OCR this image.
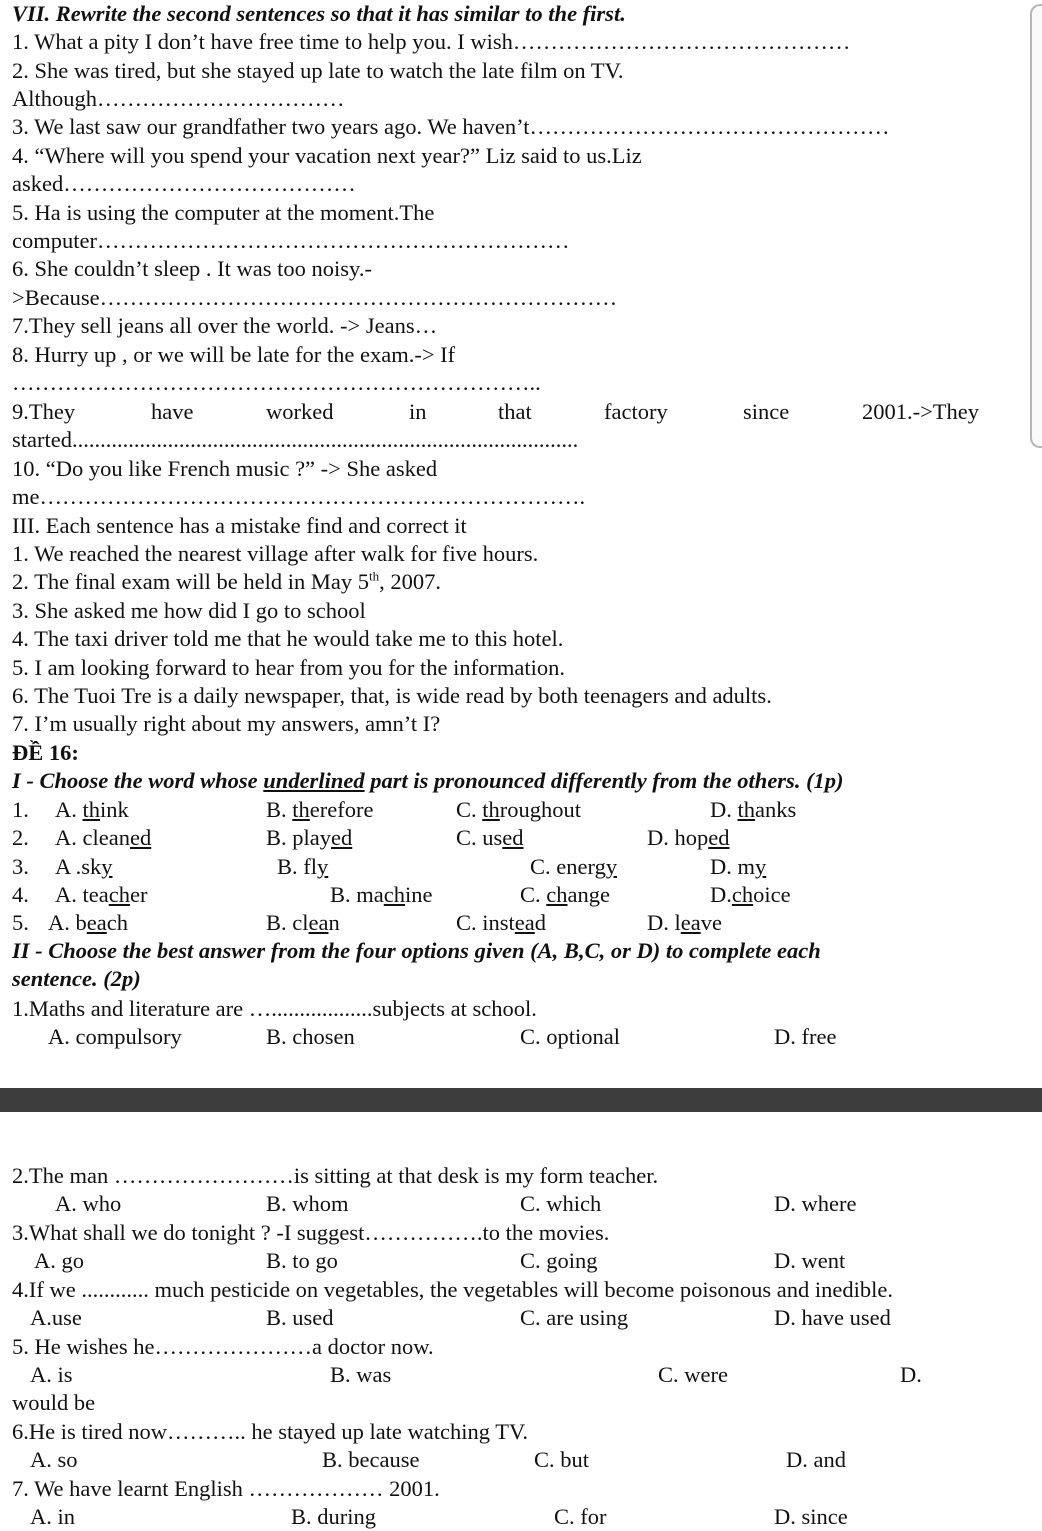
VII. Rewrite the second sentences so that it has similar to the first.
1. What a pity I don’t have free time to help you. I wish………………………………………
2. She was tired, but she stayed up late to watch the late film on TV.
Although……………………………
3. We last saw our grandfather two years ago. We haven’t…………………………………………
4. “Where will you spend your vacation next year?” Liz said to us.Liz
asked…………………………………
5. Ha is using the computer at the moment.The
computer………………………………………………………
6. She couldn’t sleep . It was too noisy.-
>Because……………………………………………………………
7.They sell jeans all over the world. -> Jeans…
8. Hurry up , or we will be late for the exam.-> If
……………………………………………………………..
9.They	have	worked	in	that	factory	since	2001.->They
started..........................................................................................
10. “Do you like French music ?” -> She asked
me……………………………………………………………….
III. Each sentence has a mistake find and correct it
1. We reached the nearest village after walk for five hours.
2. The final exam will be held in May 5th, 2007.
3. She asked me how did I go to school
4. The taxi driver told me that he would take me to this hotel.
5. I am looking forward to hear from you for the information.
6. The Tuoi Tre is a daily newspaper, that, is wide read by both teenagers and adults.
7. I’m usually right about my answers, amn’t I?
ĐỀ 16:
I - Choose the word whose underlined part is pronounced differently from the others. (1p)
1. A. think	B. therefore	C. throughout	D. thanks
2. A. cleaned	B. played	C. used	D. hoped
3. A .sky	B. fly	C. energy	D. my
4. A. teacher	B. machine	C. change	D.choice
5. A. beach	B. clean	C. instead	D. leave
II - Choose the best answer from the four options given (A, B,C, or D) to complete each
sentence. (2p)
1.Maths and literature are …..................subjects at school.
A. compulsory	B. chosen	C. optional	D. free
2.The man ……………………is sitting at that desk is my form teacher.
A. who	B. whom	C. which	D. where
3.What shall we do tonight ? -I suggest…………….to the movies.
A. go	B. to go	C. going	D. went
4.If we ............ much pesticide on vegetables, the vegetables will become poisonous and inedible.
A.use	B. used	C. are using	D. have used
5. He wishes he…………………a doctor now.
A. is	B. was	C. were	D.
would be
6.He is tired now……….. he stayed up late watching TV.
A. so	B. because	C. but	D. and
7. We have learnt English ……………… 2001.
A. in	B. during	C. for	D. since
